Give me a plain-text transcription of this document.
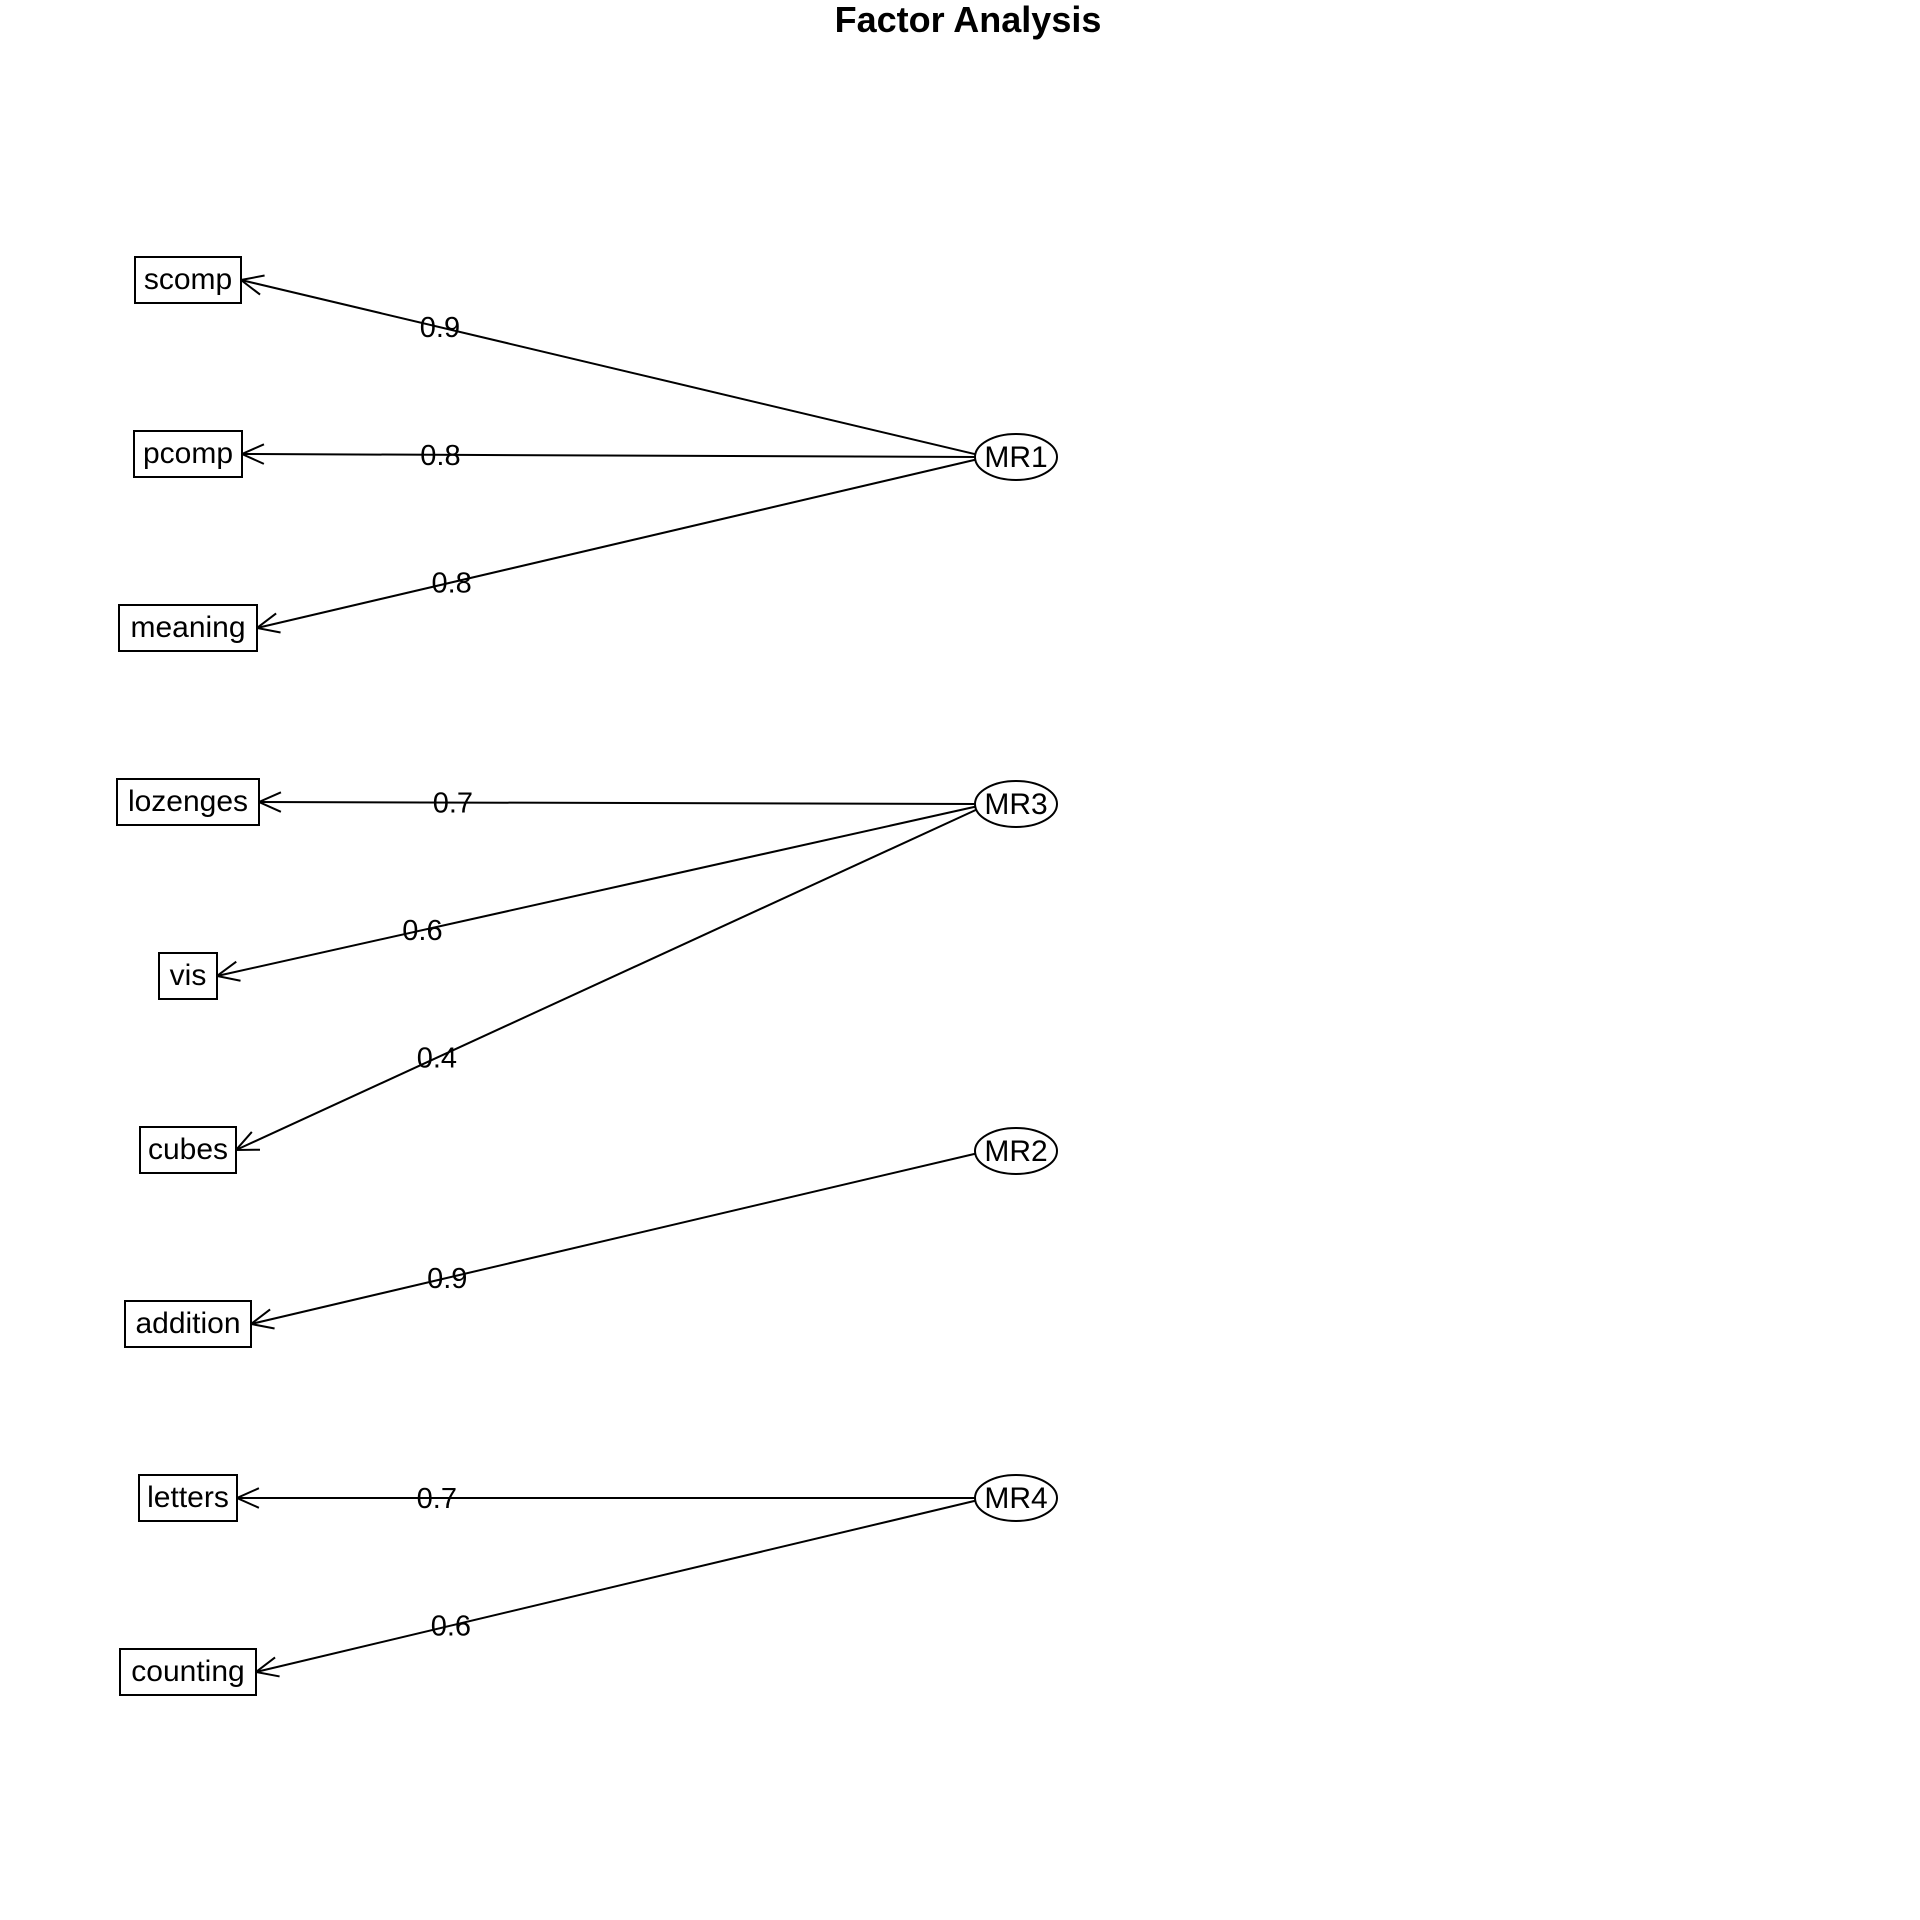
Factor Analysis
0.9
0.8
0.8
0.7
0.6
0.4
0.9
0.7
0.6
scomp
pcomp
meaning
lozenges
vis
cubes
addition
letters
counting
MR1
MR3
MR2
MR4
